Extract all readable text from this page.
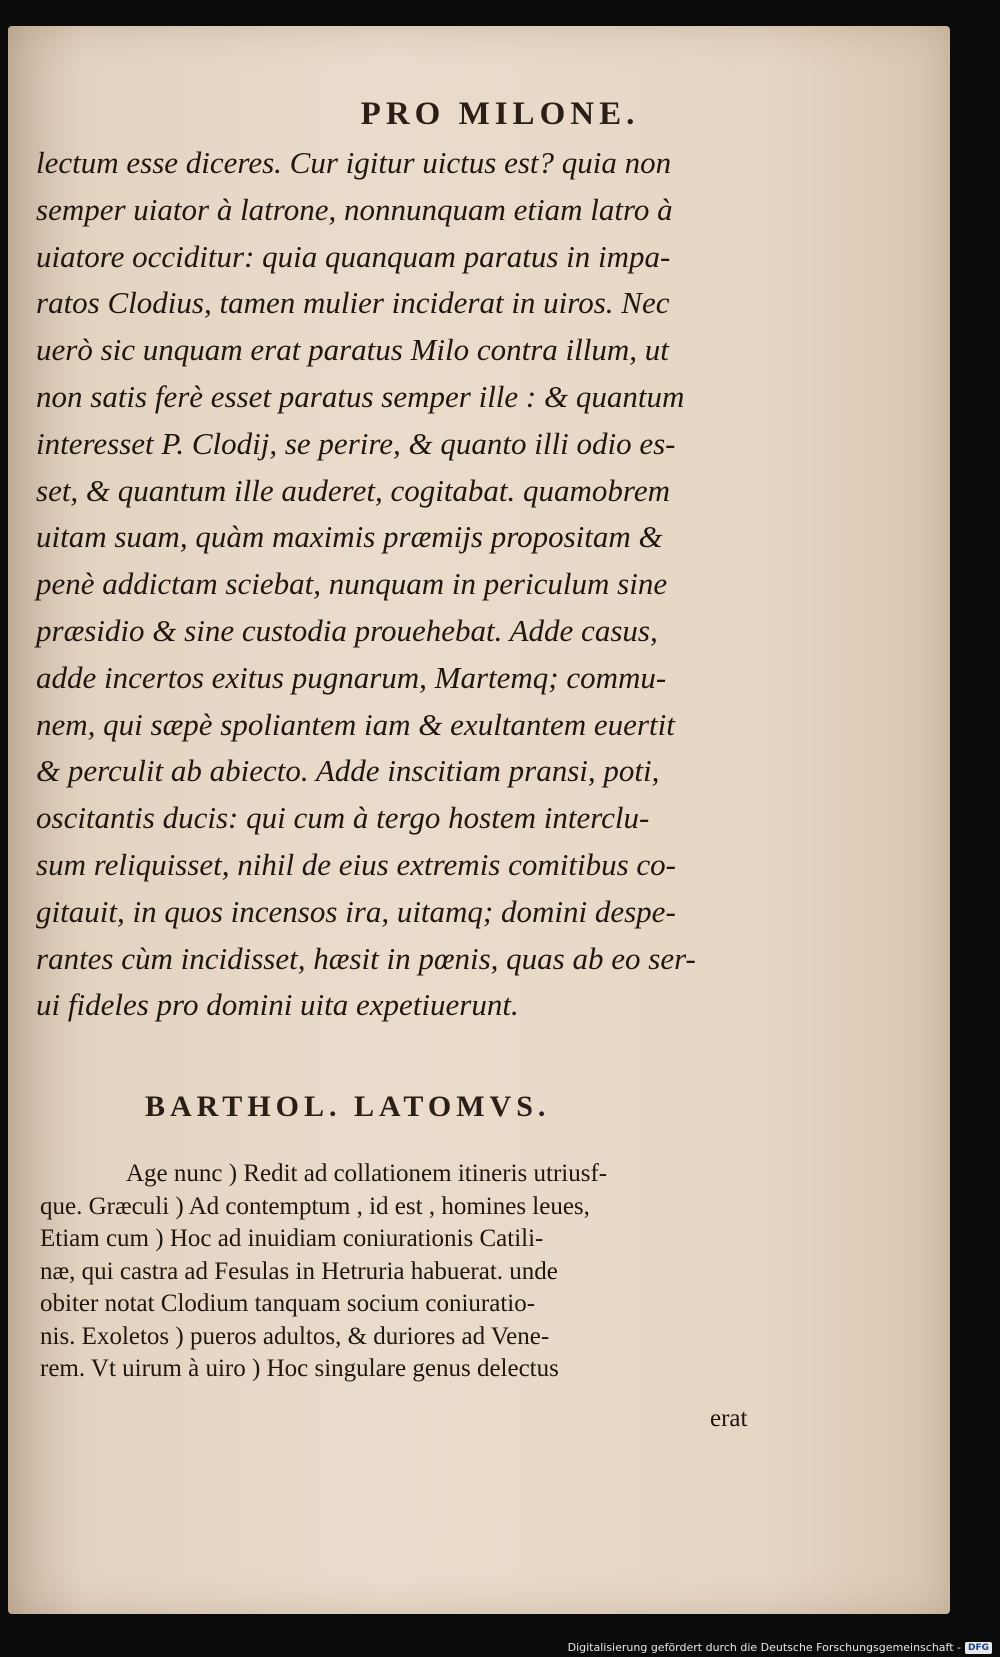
PRO MILONE.
lectum esse diceres. Cur igitur uictus est? quia non
semper uiator à latrone, nonnunquam etiam latro à
uiatore occiditur: quia quanquam paratus in impa-
ratos Clodius, tamen mulier inciderat in uiros. Nec
uerò sic unquam erat paratus Milo contra illum, ut
non satis ferè esset paratus semper ille : & quantum
interesset P. Clodij, se perire, & quanto illi odio es-
set, & quantum ille auderet, cogitabat. quamobrem
uitam suam, quàm maximis præmijs propositam &
penè addictam sciebat, nunquam in periculum sine
præsidio & sine custodia prouehebat. Adde casus,
adde incertos exitus pugnarum, Martemq; commu-
nem, qui sæpè spoliantem iam & exultantem euertit
& perculit ab abiecto. Adde inscitiam pransi, poti,
oscitantis ducis: qui cum à tergo hostem interclu-
sum reliquisset, nihil de eius extremis comitibus co-
gitauit, in quos incensos ira, uitamq; domini despe-
rantes cùm incidisset, hæsit in pœnis, quas ab eo ser-
ui fideles pro domini uita expetiuerunt.
BARTHOL. LATOMVS.
Age nunc ) Redit ad collationem itineris utriusf-
que. Græculi ) Ad contemptum , id est , homines leues,
Etiam cum ) Hoc ad inuidiam coniurationis Catili-
næ, qui castra ad Fesulas in Hetruria habuerat. unde
obiter notat Clodium tanquam socium coniuratio-
nis. Exoletos ) pueros adultos, & duriores ad Vene-
rem. Vt uirum à uiro ) Hoc singulare genus delectus
erat
Digitalisierung gefördert durch die Deutsche Forschungsgemeinschaft - DFG
